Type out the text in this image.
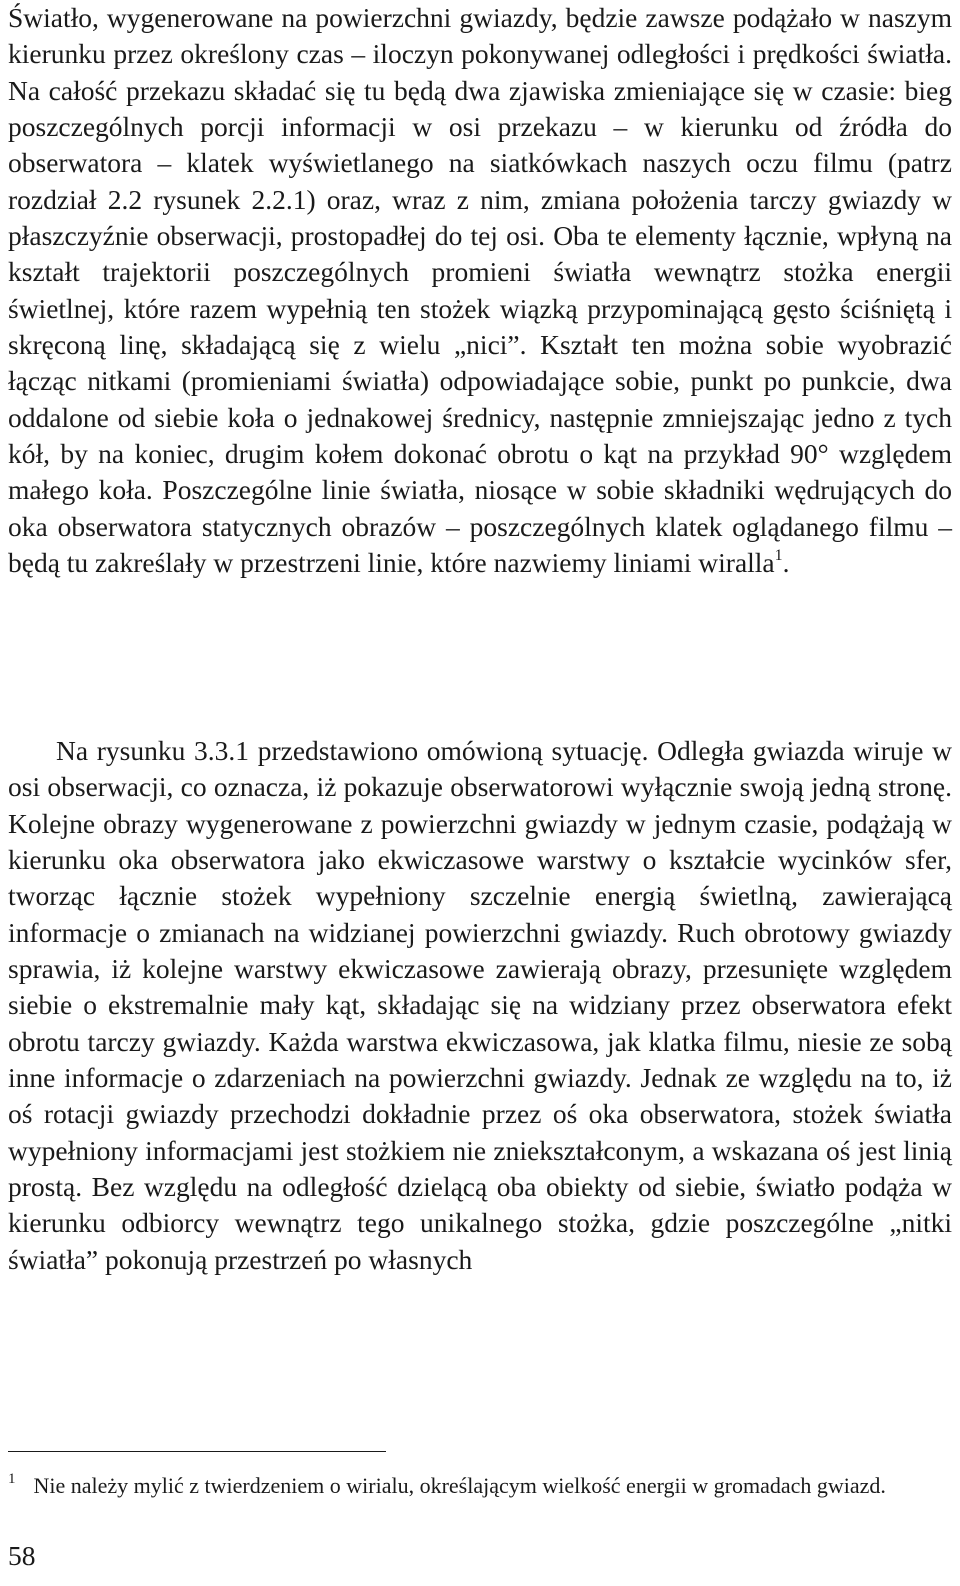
Światło, wygenerowane na powierzchni gwiazdy, będzie zawsze podążało w naszym kierunku przez określony czas – iloczyn pokonywanej odległości i prędkości światła. Na całość przekazu składać się tu będą dwa zjawiska zmieniające się w czasie: bieg poszczególnych porcji informacji w osi przekazu – w kierunku od źródła do obserwatora – klatek wyświetlanego na siatkówkach naszych oczu filmu (patrz rozdział 2.2 rysunek 2.2.1) oraz, wraz z nim, zmiana położenia tarczy gwiazdy w płaszczyźnie obserwacji, prostopadłej do tej osi. Oba te elementy łącznie, wpłyną na kształt trajektorii poszczególnych promieni światła wewnątrz stożka energii świetlnej, które razem wypełnią ten stożek wiązką przypominającą gęsto ściśniętą i skręconą linę, składającą się z wielu „nici”. Kształt ten można sobie wyobrazić łącząc nitkami (promieniami światła) odpowiadające sobie, punkt po punkcie, dwa oddalone od siebie koła o jednakowej średnicy, następnie zmniejszając jedno z tych kół, by na koniec, drugim kołem dokonać obrotu o kąt na przykład 90° względem małego koła. Poszczególne linie światła, niosące w sobie składniki wędrujących do oka obserwatora statycznych obrazów – poszczególnych klatek oglądanego filmu – będą tu zakreślały w przestrzeni linie, które nazwiemy liniami wiralla$^1$.

Na rysunku 3.3.1 przedstawiono omówioną sytuację. Odległa gwiazda wiruje w osi obserwacji, co oznacza, iż pokazuje obserwatorowi wyłącznie swoją jedną stronę. Kolejne obrazy wygenerowane z powierzchni gwiazdy w jednym czasie, podążają w kierunku oka obserwatora jako ekwiczasowe warstwy o kształcie wycinków sfer, tworząc łącznie stożek wypełniony szczelnie energią świetlną, zawierającą informacje o zmianach na widzianej powierzchni gwiazdy. Ruch obrotowy gwiazdy sprawia, iż kolejne warstwy ekwiczasowe zawierają obrazy, przesunięte względem siebie o ekstremalnie mały kąt, składając się na widziany przez obserwatora efekt obrotu tarczy gwiazdy. Każda warstwa ekwiczasowa, jak klatka filmu, niesie ze sobą inne informacje o zdarzeniach na powierzchni gwiazdy. Jednak ze względu na to, iż oś rotacji gwiazdy przechodzi dokładnie przez oś oka obserwatora, stożek światła wypełniony informacjami jest stożkiem nie zniekształconym, a wskazana oś jest linią prostą. Bez względu na odległość dzielącą oba obiekty od siebie, światło podąża w kierunku odbiorcy wewnątrz tego unikalnego stożka, gdzie poszczególne „nitki światła” pokonują przestrzeń po własnych

$^1$ Nie należy mylić z twierdzeniem o wirialu, określającym wielkość energii w gromadach gwiazd.

58
